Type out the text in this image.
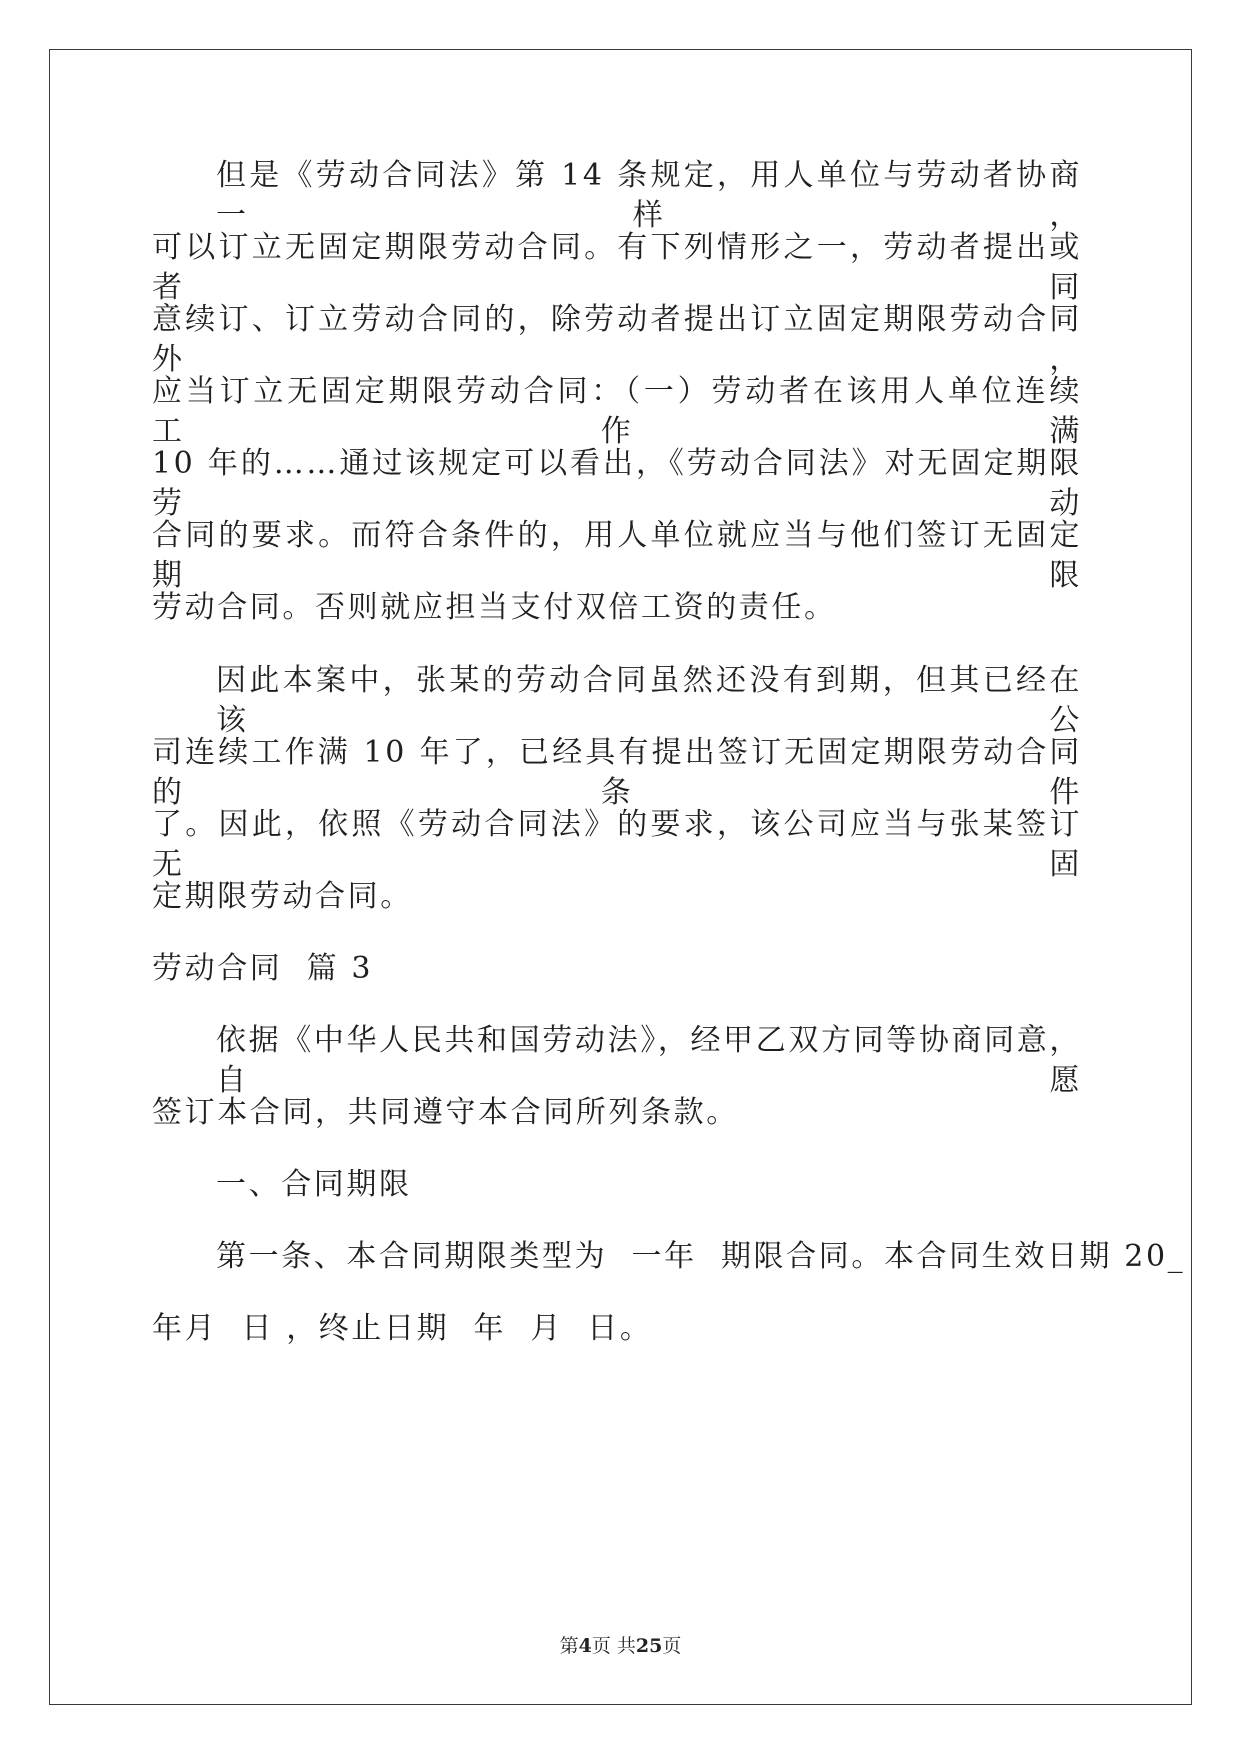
但是《劳动合同法》第 14 条规定，用人单位与劳动者协商一样，
可以订立无固定期限劳动合同。有下列情形之一，劳动者提出或者同
意续订、订立劳动合同的，除劳动者提出订立固定期限劳动合同外，
应当订立无固定期限劳动合同：（一）劳动者在该用人单位连续工作满
10 年的……通过该规定可以看出，《劳动合同法》对无固定期限劳动
合同的要求。而符合条件的，用人单位就应当与他们签订无固定期限
劳动合同。否则就应担当支付双倍工资的责任。
因此本案中，张某的劳动合同虽然还没有到期，但其已经在该公
司连续工作满 10 年了，已经具有提出签订无固定期限劳动合同的条件
了。因此，依照《劳动合同法》的要求，该公司应当与张某签订无固
定期限劳动合同。
劳动合同  篇 3
依据《中华人民共和国劳动法》，经甲乙双方同等协商同意，自愿
签订本合同，共同遵守本合同所列条款。
一、合同期限
第一条、本合同期限类型为  一年  期限合同。本合同生效日期 20_
年月  日 ，终止日期  年  月  日。
第4页 共25页
